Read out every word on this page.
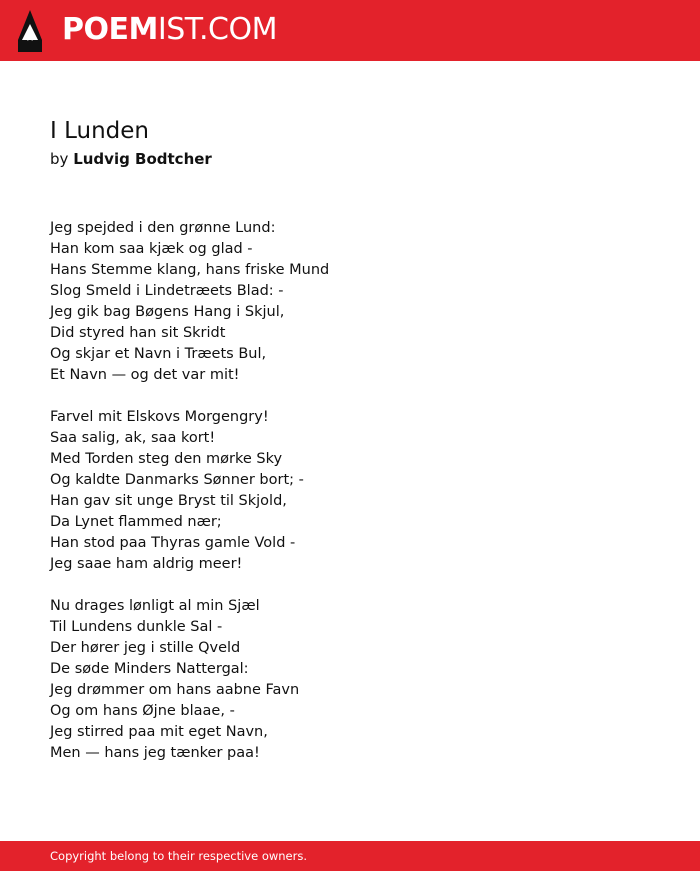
POEMIST.COM
I Lunden
by Ludvig Bodtcher
Jeg spejded i den grønne Lund:
Han kom saa kjæk og glad -
Hans Stemme klang, hans friske Mund
Slog Smeld i Lindetræets Blad: -
Jeg gik bag Bøgens Hang i Skjul,
Did styred han sit Skridt
Og skjar et Navn i Træets Bul,
Et Navn — og det var mit!
Farvel mit Elskovs Morgengry!
Saa salig, ak, saa kort!
Med Torden steg den mørke Sky
Og kaldte Danmarks Sønner bort; -
Han gav sit unge Bryst til Skjold,
Da Lynet flammed nær;
Han stod paa Thyras gamle Vold -
Jeg saae ham aldrig meer!
Nu drages lønligt al min Sjæl
Til Lundens dunkle Sal -
Der hører jeg i stille Qveld
De søde Minders Nattergal:
Jeg drømmer om hans aabne Favn
Og om hans Øjne blaae, -
Jeg stirred paa mit eget Navn,
Men — hans jeg tænker paa!
Copyright belong to their respective owners.
